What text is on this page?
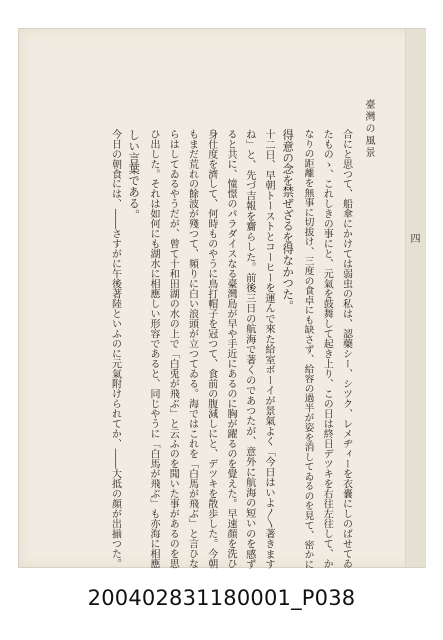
四
臺灣の風景
合にと思つて、船傘にかけては弱虫の私は、認藥シー、シツク、レメヂィーを衣嚢にしのばせてゐ
たものゝ、これしきの事にと、元氣を鼓舞して起き上り、この日は終日デツキを右往左往して、か
なりの距離を無事に切拔け、三度の食卓にも缺さず、給容の過半が姿を消してゐるのを見て、密かに
得意の念を禁ぜざるを得なかつた。
十二日、早朝トーストとコーヒーを運んで來た給室ボーイが景氣よく「今日はいよ〳〵著きます
ね」と、先づ吉報を齎らした。前後三日の航海で著くのであつたが、意外に航海の短いのを感ず
ると共に、憧憬のパラダイスなる臺灣島が早や手近にあるのに胸が躍るのを覺えた。早速顏を洗ひ
身仕度を濟して、何時ものやうに鳥打帽子を冠つて、食前の腹減しにと、デツキを散歩した。今朝
もまだ荒れの餘波が殘つて、頻りに白い浪頭が立つてゐる。海ではこれを「白馬が飛ぶ」と言ひな
らはしてゐるやうだが、曾て十和田湖の水の上で「白兎が飛ぶ」と云ふのを聞いた事があるのを思
ひ出した。それは如何にも湖水に相應しい形容であると、同じやうに「白馬が飛ぶ」も亦海に相應
しい言葉である。
今日の朝食には、――さすがに午後著陸といふのに元氣附けられてか、――大抵の顏が出揃つた。
200402831180001_P038
